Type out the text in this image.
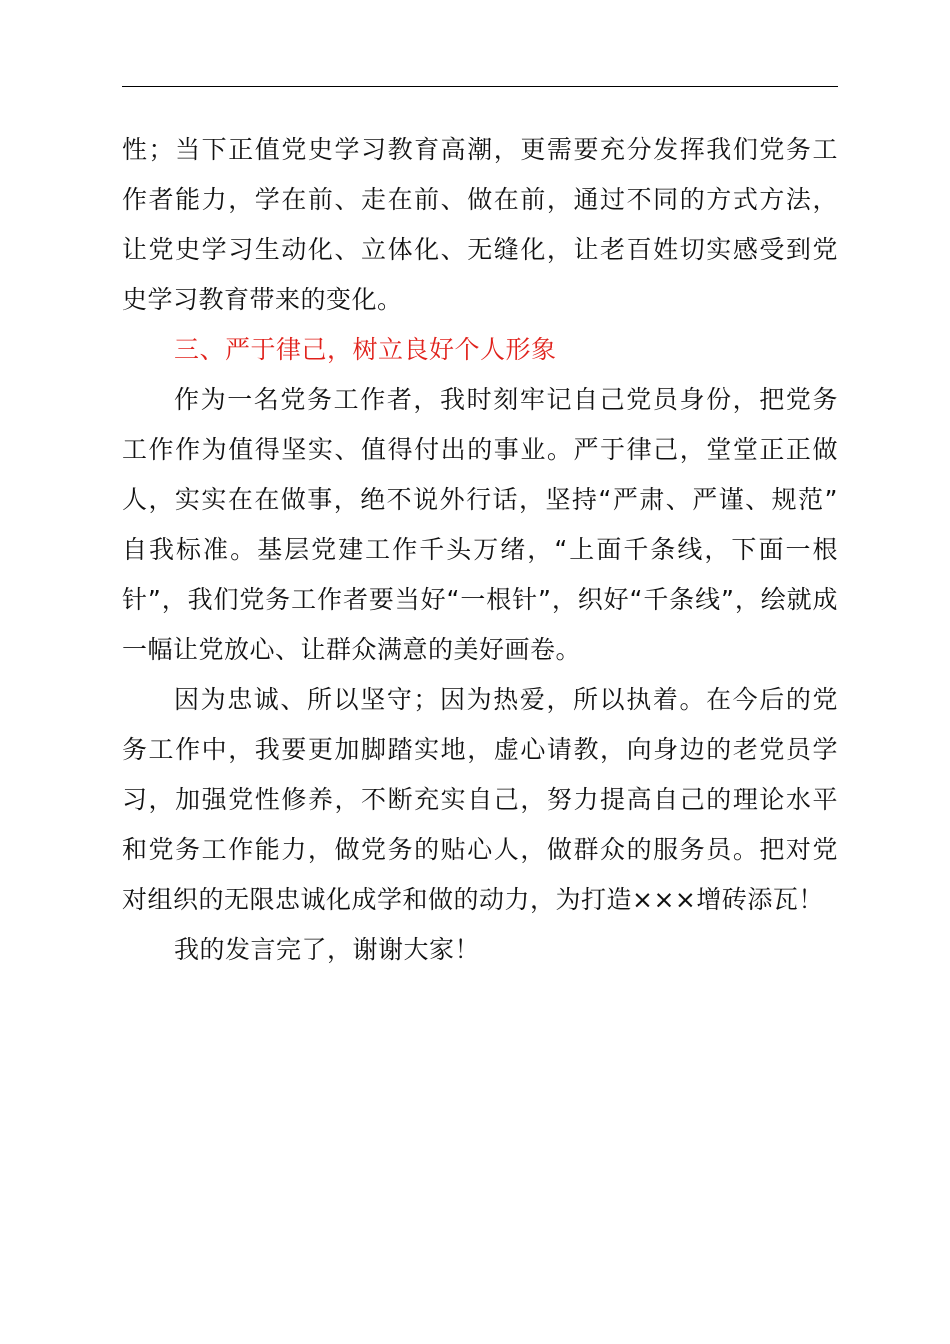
性；当下正值党史学习教育高潮，更需要充分发挥我们党务工
作者能力，学在前、走在前、做在前，通过不同的方式方法，
让党史学习生动化、立体化、无缝化，让老百姓切实感受到党
史学习教育带来的变化。
三、严于律己，树立良好个人形象
作为一名党务工作者，我时刻牢记自己党员身份，把党务
工作作为值得坚实、值得付出的事业。严于律己，堂堂正正做
人，实实在在做事，绝不说外行话，坚持“严肃、严谨、规范”
自我标准。基层党建工作千头万绪，“上面千条线，下面一根
针”，我们党务工作者要当好“一根针”，织好“千条线”，绘就成
一幅让党放心、让群众满意的美好画卷。
因为忠诚、所以坚守；因为热爱，所以执着。在今后的党
务工作中，我要更加脚踏实地，虚心请教，向身边的老党员学
习，加强党性修养，不断充实自己，努力提高自己的理论水平
和党务工作能力，做党务的贴心人，做群众的服务员。把对党
对组织的无限忠诚化成学和做的动力，为打造×××增砖添瓦！
我的发言完了，谢谢大家！
